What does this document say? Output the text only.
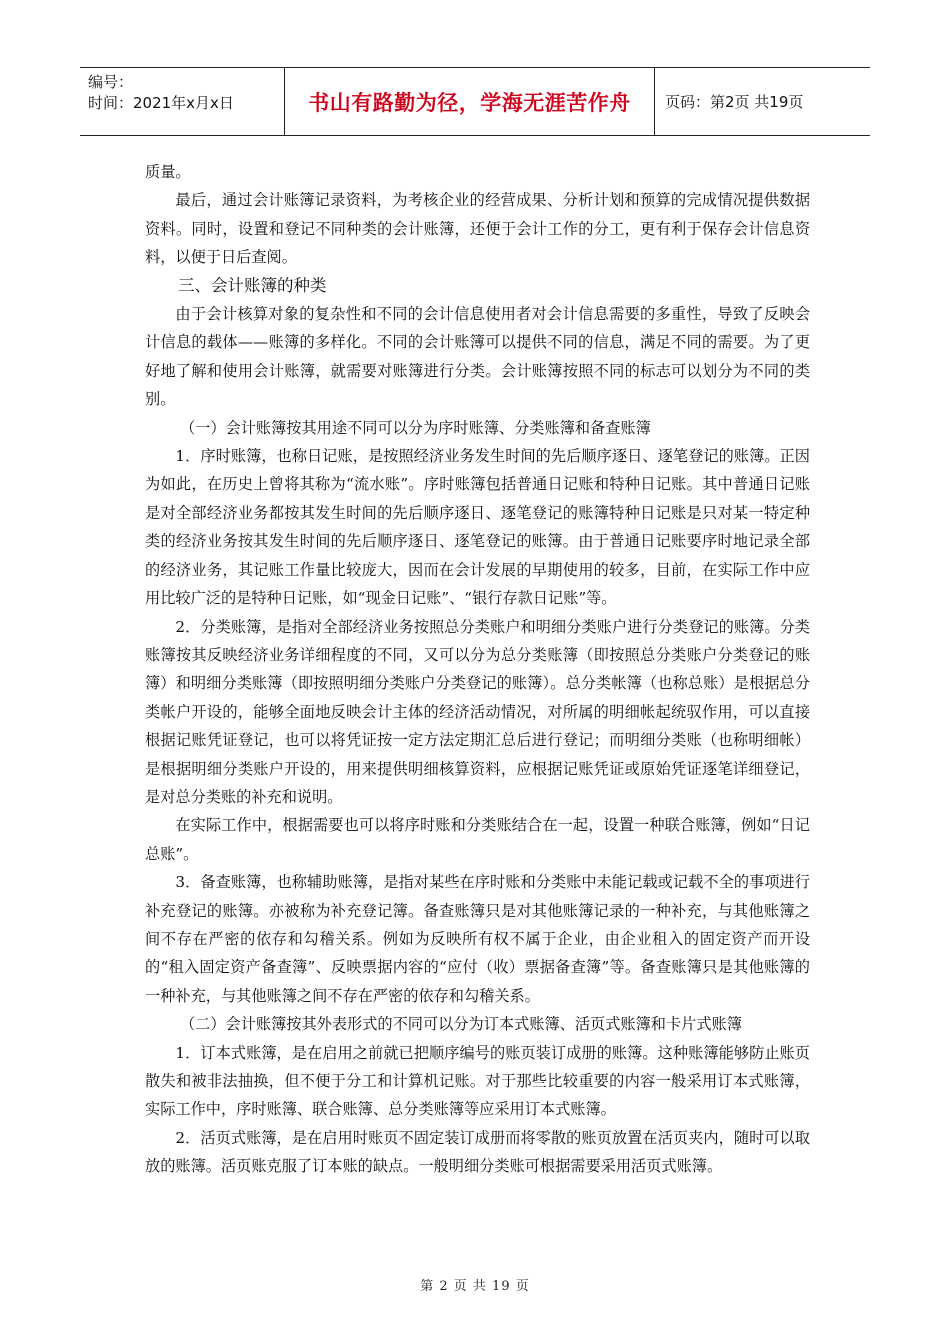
编号：
时间：2021年x月x日	书山有路勤为径，学海无涯苦作舟	页码：第2页 共19页

质量。

最后，通过会计账簿记录资料，为考核企业的经营成果、分析计划和预算的完成情况提供数据资料。同时，设置和登记不同种类的会计账簿，还便于会计工作的分工，更有利于保存会计信息资料，以便于日后查阅。

三、会计账簿的种类

由于会计核算对象的复杂性和不同的会计信息使用者对会计信息需要的多重性，导致了反映会计信息的载体——账簿的多样化。不同的会计账簿可以提供不同的信息，满足不同的需要。为了更好地了解和使用会计账簿，就需要对账簿进行分类。会计账簿按照不同的标志可以划分为不同的类别。

（一）会计账簿按其用途不同可以分为序时账簿、分类账簿和备查账簿

1．序时账簿，也称日记账，是按照经济业务发生时间的先后顺序逐日、逐笔登记的账簿。正因为如此，在历史上曾将其称为“流水账”。序时账簿包括普通日记账和特种日记账。其中普通日记账是对全部经济业务都按其发生时间的先后顺序逐日、逐笔登记的账簿特种日记账是只对某一特定种类的经济业务按其发生时间的先后顺序逐日、逐笔登记的账簿。由于普通日记账要序时地记录全部的经济业务，其记账工作量比较庞大，因而在会计发展的早期使用的较多，目前，在实际工作中应用比较广泛的是特种日记账，如“现金日记账”、“银行存款日记账”等。

2．分类账簿，是指对全部经济业务按照总分类账户和明细分类账户进行分类登记的账簿。分类账簿按其反映经济业务详细程度的不同，又可以分为总分类账簿（即按照总分类账户分类登记的账簿）和明细分类账簿（即按照明细分类账户分类登记的账簿）。总分类帐簿（也称总账）是根据总分类帐户开设的，能够全面地反映会计主体的经济活动情况，对所属的明细帐起统驭作用，可以直接根据记账凭证登记，也可以将凭证按一定方法定期汇总后进行登记；而明细分类账（也称明细帐）是根据明细分类账户开设的，用来提供明细核算资料，应根据记账凭证或原始凭证逐笔详细登记，是对总分类账的补充和说明。

在实际工作中，根据需要也可以将序时账和分类账结合在一起，设置一种联合账簿，例如“日记总账”。

3．备查账簿，也称辅助账簿，是指对某些在序时账和分类账中未能记载或记载不全的事项进行补充登记的账簿。亦被称为补充登记簿。备查账簿只是对其他账簿记录的一种补充，与其他账簿之间不存在严密的依存和勾稽关系。例如为反映所有权不属于企业，由企业租入的固定资产而开设的“租入固定资产备查簿”、反映票据内容的“应付（收）票据备查簿”等。备查账簿只是其他账簿的一种补充，与其他账簿之间不存在严密的依存和勾稽关系。

（二）会计账簿按其外表形式的不同可以分为订本式账簿、活页式账簿和卡片式账簿

1．订本式账簿，是在启用之前就已把顺序编号的账页装订成册的账簿。这种账簿能够防止账页散失和被非法抽换，但不便于分工和计算机记账。对于那些比较重要的内容一般采用订本式账簿，实际工作中，序时账簿、联合账簿、总分类账簿等应采用订本式账簿。

2．活页式账簿，是在启用时账页不固定装订成册而将零散的账页放置在活页夹内，随时可以取放的账簿。活页账克服了订本账的缺点。一般明细分类账可根据需要采用活页式账簿。

第 2 页 共 19 页
